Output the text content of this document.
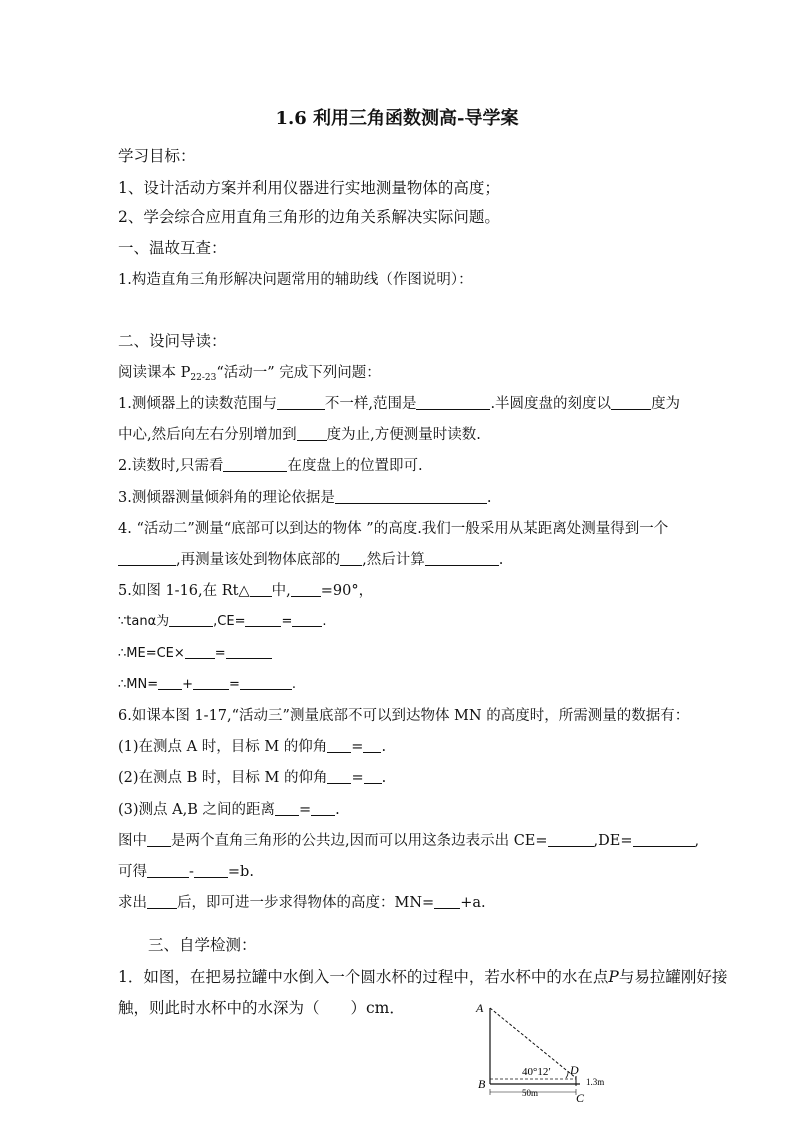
1.6 利用三角函数测高-导学案
学习目标：
1、设计活动方案并利用仪器进行实地测量物体的高度；
2、学会综合应用直角三角形的边角关系解决实际问题。
一、温故互查：
1.构造直角三角形解决问题常用的辅助线（作图说明）：
二、设问导读：
阅读课本 $P_{22-23}“$活动一” 完成下列问题：
1.测倾器上的读数范围与	不一样,范围是	.半圆度盘的刻度以	度为
中心,然后向左右分别增加到 度为止,方便测量时读数.
2.读数时,只需看	在度盘上的位置即可.
3.测倾器测量倾斜角的理论依据是	.
4. “活动二”测量“底部可以到达的物体 ”的高度.我们一般采用从某距离处测量得到一个
,再测量该处到物体底部的 ,然后计算	.
5.如图 1-16,在 Rt△ 中, =90°，
∵tanα为	,CE=	= .
∴ME=CE× =
∴MN= +	=	.
6.如课本图 1-17,“活动三”测量底部不可以到达物体 MN 的高度时，所需测量的数据有：
(1)在测点 A 时，目标 M 的仰角 = .
(2)在测点 B 时，目标 M 的仰角 = .
(3)测点 A,B 之间的距离 = .
图中 是两个直角三角形的公共边,因而可以用这条边表示出 CE=	,DE=	,
可得	- =b.
求出 后，即可进一步求得物体的高度：MN= +a.
三、自学检测：
1．如图，在把易拉罐中水倒入一个圆水杯的过程中，若水杯中的水在点P与易拉罐刚好接
触，则此时水杯中的水深为（　　）cm．	A
B
C
D
40°12′
50m
1.3m
